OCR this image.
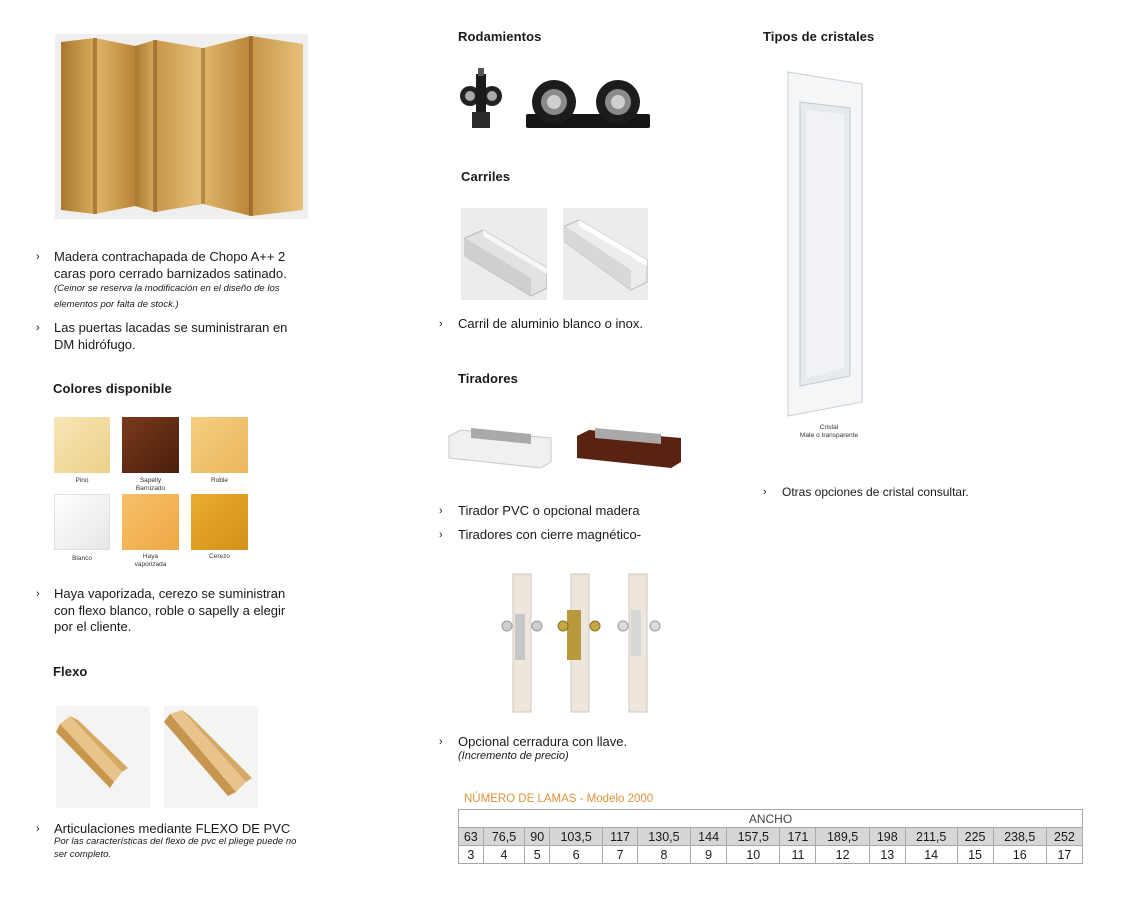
› Madera contrachapada de Chopo A++ 2
caras poro cerrado barnizados satinado.
(Ceinor se reserva la modificación en el diseño de los
elementos por falta de stock.)
› Las puertas lacadas se suministraran en
DM hidrófugo.
Colores disponible
Pino	Sapelly
Barnizado
Roble
Blanco	Haya
vaporizada
Cerezo
› Haya vaporizada, cerezo se suministran
con flexo blanco, roble o sapelly a elegir
por el cliente.
Flexo
› Articulaciones mediante FLEXO DE PVC
Por las características del flexo de pvc el pliege puede no
ser completo.
Rodamientos
Carriles
› Carril de aluminio blanco o inox.
Tiradores
› Tirador PVC o opcional madera
› Tiradores con cierre magnético-
› Opcional cerradura con llave.
(Incremento de precio)
Tipos de cristales
Cristal
Mate o transparente
› Otras opciones de cristal consultar.
NÚMERO DE LAMAS - Modelo 2000
ANCHO														
63	76,5	90	103,5	117	130,5	144	157,5	171	189,5	198	211,5	225	238,5	252
3	4	5	6	7	8	9	10	11	12	13	14	15	16	17
